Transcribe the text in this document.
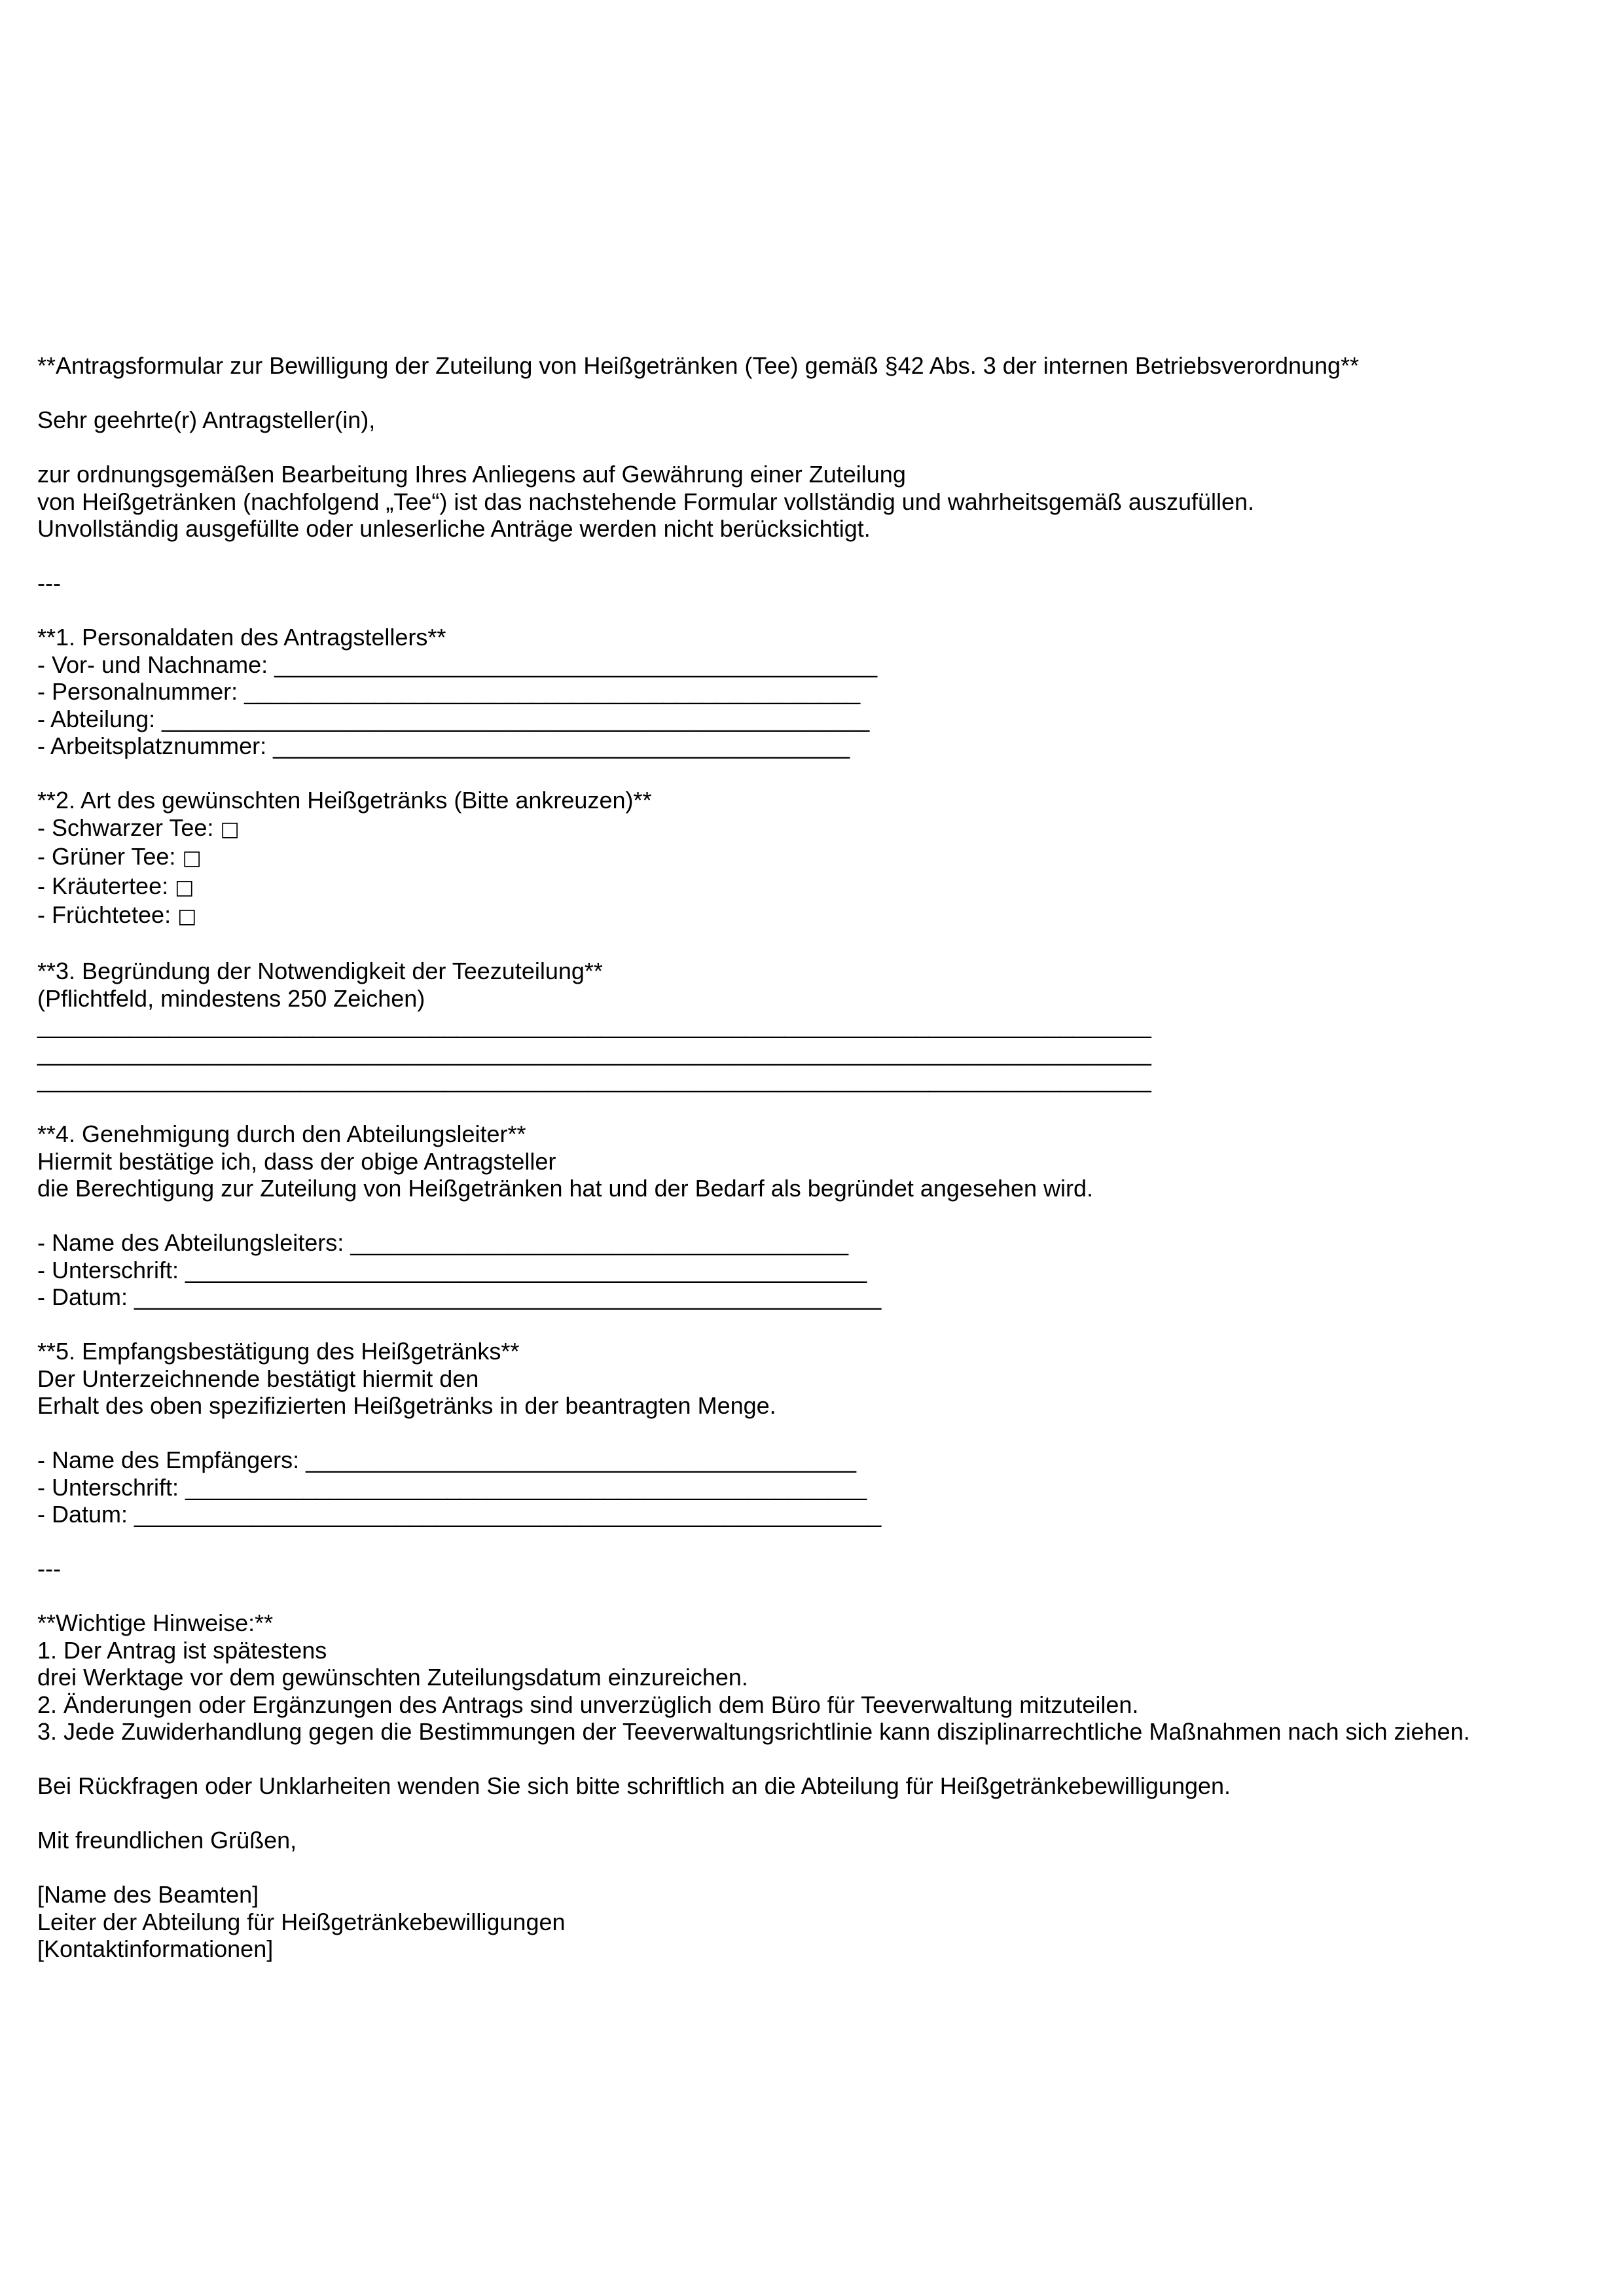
**Antragsformular zur Bewilligung der Zuteilung von Heißgetränken (Tee) gemäß §42 Abs. 3 der internen Betriebsverordnung**
Sehr geehrte(r) Antragsteller(in),
zur ordnungsgemäßen Bearbeitung Ihres Anliegens auf Gewährung einer Zuteilung
von Heißgetränken (nachfolgend „Tee“) ist das nachstehende Formular vollständig und wahrheitsgemäß auszufüllen.
Unvollständig ausgefüllte oder unleserliche Anträge werden nicht berücksichtigt.
---
**1. Personaldaten des Antragstellers**
- Vor- und Nachname: ______________________________________________
- Personalnummer: _______________________________________________
- Abteilung: ______________________________________________________
- Arbeitsplatznummer: ____________________________________________
**2. Art des gewünschten Heißgetränks (Bitte ankreuzen)**
- Schwarzer Tee: □
- Grüner Tee: □
- Kräutertee: □
- Früchtetee: □
**3. Begründung der Notwendigkeit der Teezuteilung**
(Pflichtfeld, mindestens 250 Zeichen)
_____________________________________________________________________________________
_____________________________________________________________________________________
_____________________________________________________________________________________
**4. Genehmigung durch den Abteilungsleiter**
Hiermit bestätige ich, dass der obige Antragsteller
die Berechtigung zur Zuteilung von Heißgetränken hat und der Bedarf als begründet angesehen wird.
- Name des Abteilungsleiters: ______________________________________
- Unterschrift: ____________________________________________________
- Datum: _________________________________________________________
**5. Empfangsbestätigung des Heißgetränks**
Der Unterzeichnende bestätigt hiermit den
Erhalt des oben spezifizierten Heißgetränks in der beantragten Menge.
- Name des Empfängers: __________________________________________
- Unterschrift: ____________________________________________________
- Datum: _________________________________________________________
---
**Wichtige Hinweise:**
1. Der Antrag ist spätestens
drei Werktage vor dem gewünschten Zuteilungsdatum einzureichen.
2. Änderungen oder Ergänzungen des Antrags sind unverzüglich dem Büro für Teeverwaltung mitzuteilen.
3. Jede Zuwiderhandlung gegen die Bestimmungen der Teeverwaltungsrichtlinie kann disziplinarrechtliche Maßnahmen nach sich ziehen.
Bei Rückfragen oder Unklarheiten wenden Sie sich bitte schriftlich an die Abteilung für Heißgetränkebewilligungen.
Mit freundlichen Grüßen,
[Name des Beamten]
Leiter der Abteilung für Heißgetränkebewilligungen
[Kontaktinformationen]
